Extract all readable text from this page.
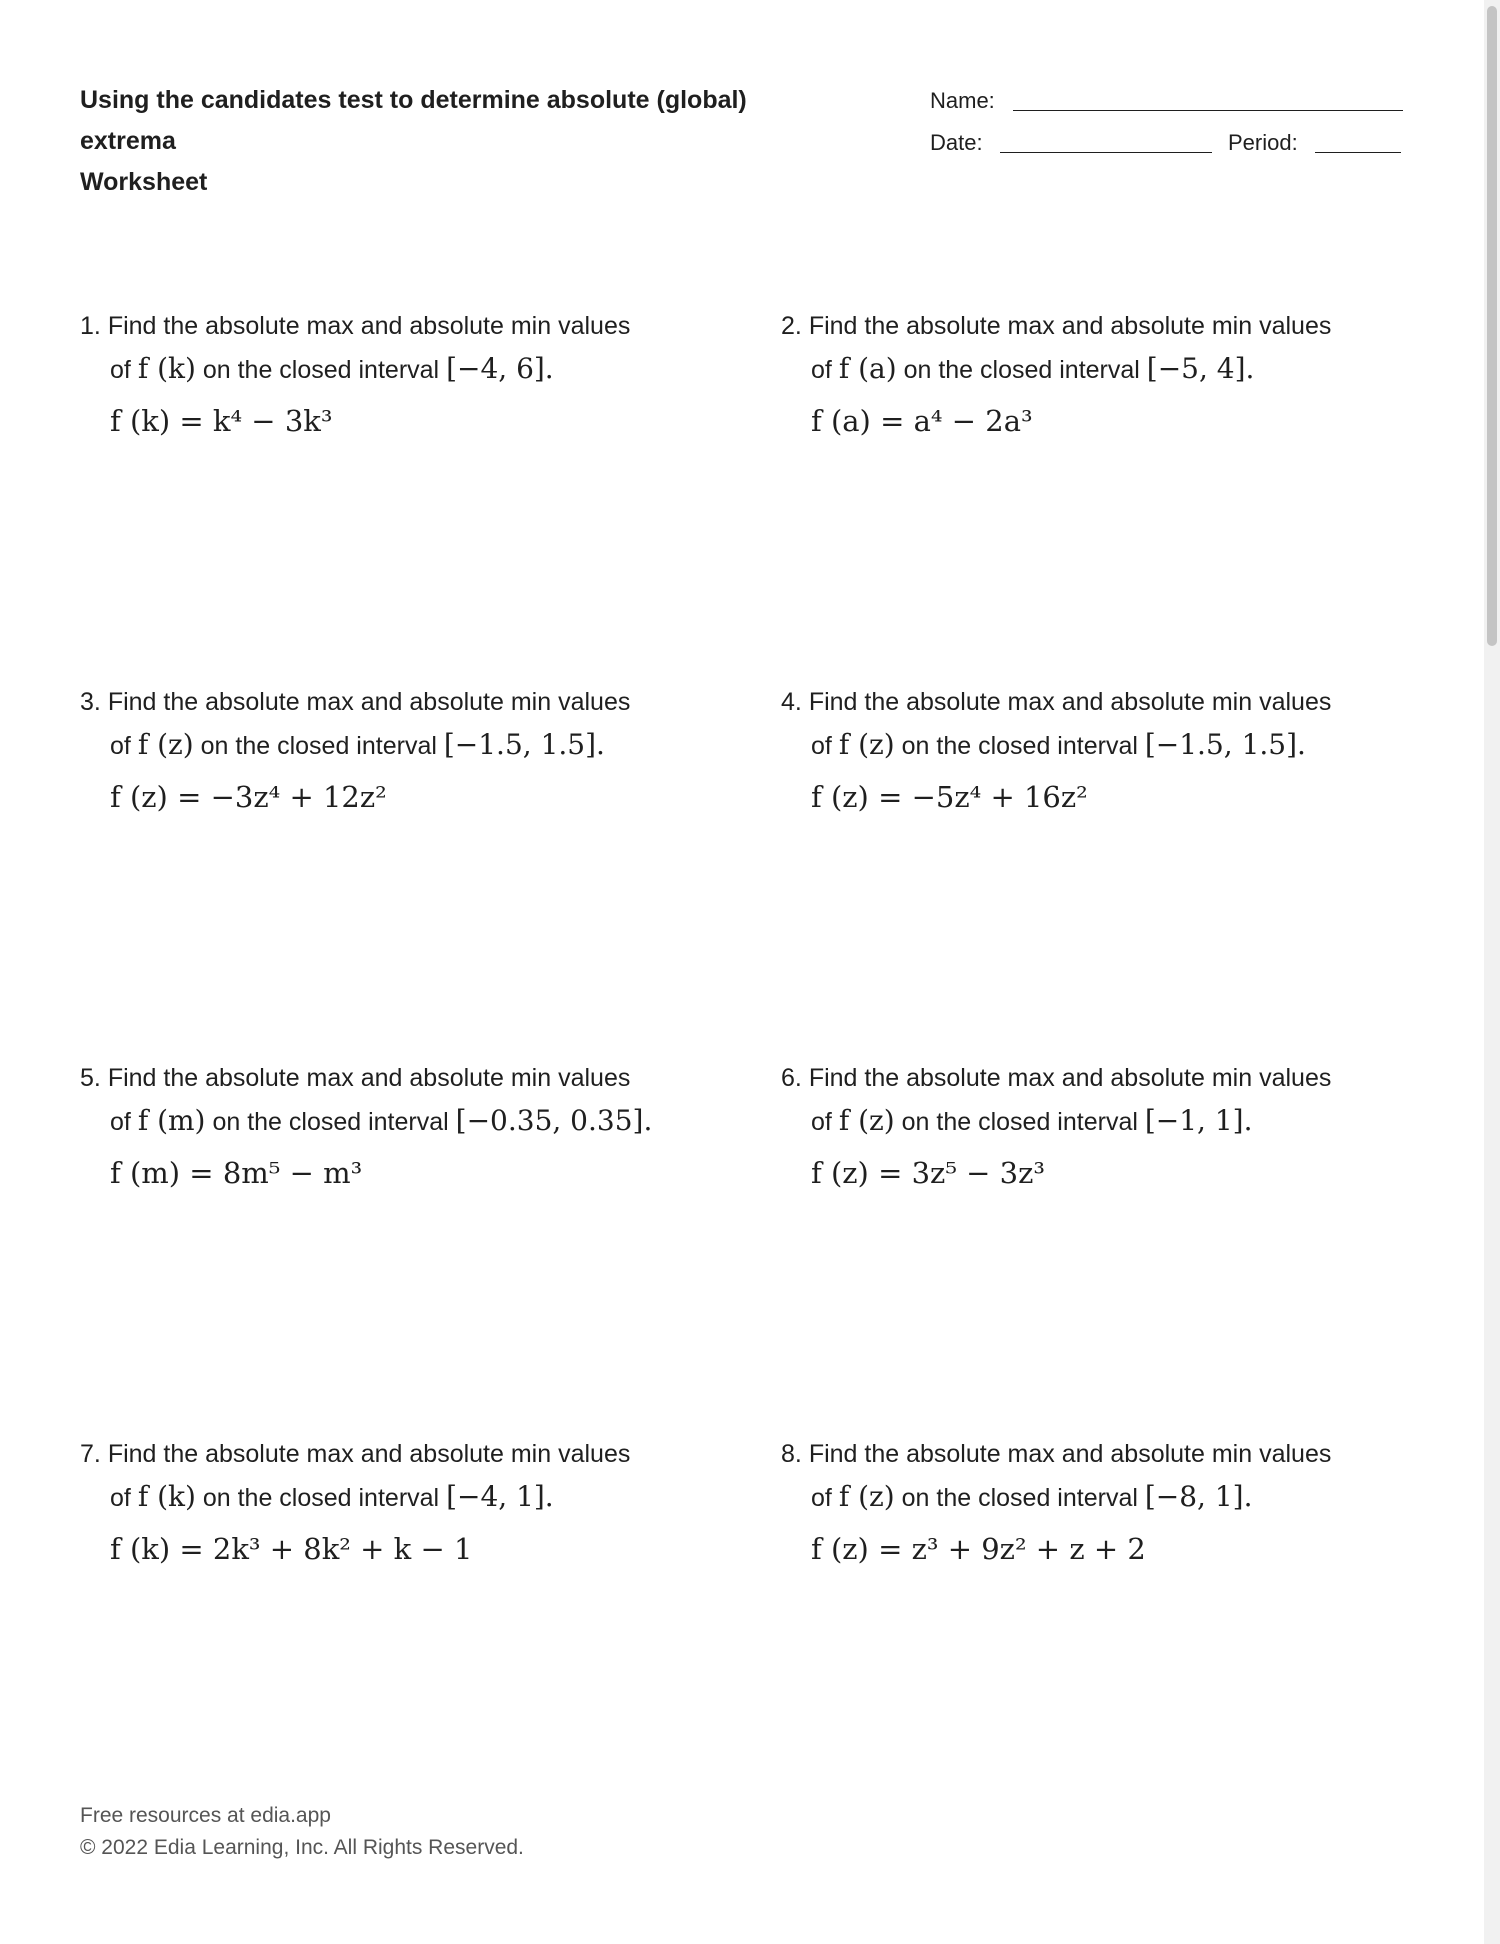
Using the candidates test to determine absolute (global)
extrema
Worksheet
Name:
Date:	Period:
1. Find the absolute max and absolute min values
of f (k) on the closed interval [−4, 6].
f (k) = k⁴ − 3k³
2. Find the absolute max and absolute min values
of f (a) on the closed interval [−5, 4].
f (a) = a⁴ − 2a³
3. Find the absolute max and absolute min values
of f (z) on the closed interval [−1.5, 1.5].
f (z) = −3z⁴ + 12z²
4. Find the absolute max and absolute min values
of f (z) on the closed interval [−1.5, 1.5].
f (z) = −5z⁴ + 16z²
5. Find the absolute max and absolute min values
of f (m) on the closed interval [−0.35, 0.35].
f (m) = 8m⁵ − m³
6. Find the absolute max and absolute min values
of f (z) on the closed interval [−1, 1].
f (z) = 3z⁵ − 3z³
7. Find the absolute max and absolute min values
of f (k) on the closed interval [−4, 1].
f (k) = 2k³ + 8k² + k − 1
8. Find the absolute max and absolute min values
of f (z) on the closed interval [−8, 1].
f (z) = z³ + 9z² + z + 2
Free resources at edia.app
© 2022 Edia Learning, Inc. All Rights Reserved.
